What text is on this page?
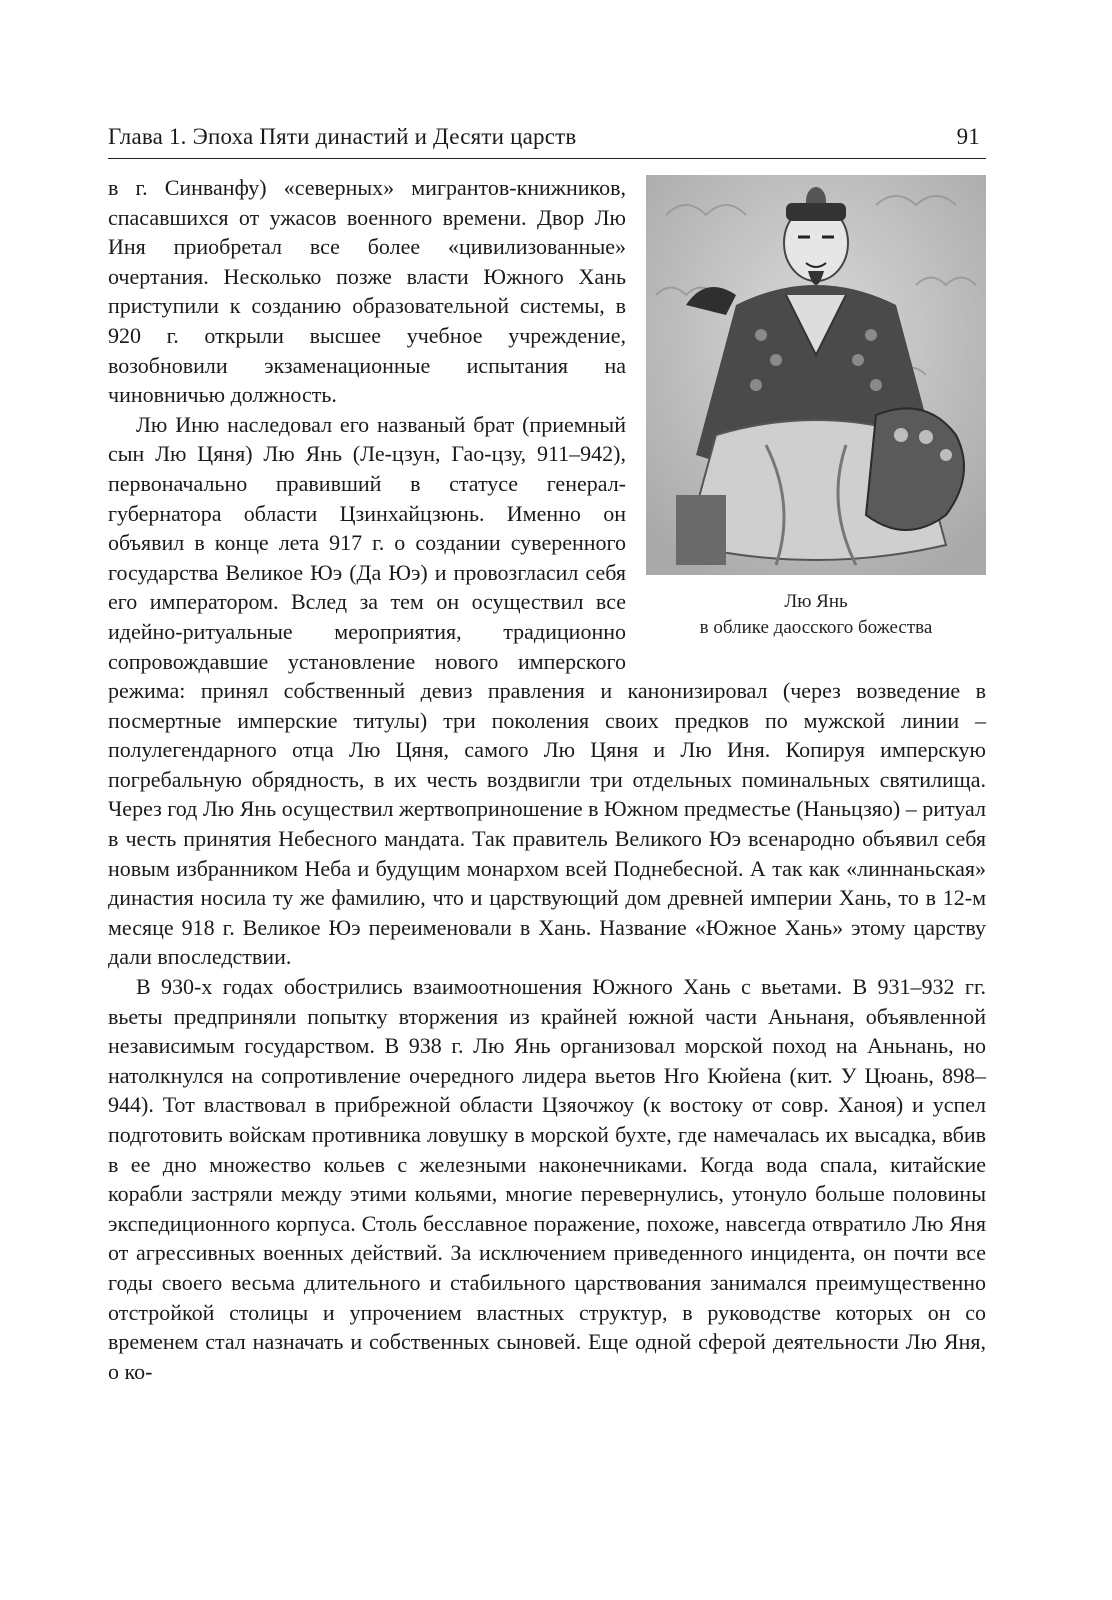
Глава 1. Эпоха Пяти династий и Десяти царств	91
Лю Янь
в облике даосского божества

в г. Синванфу) «северных» мигрантов-книжников, спасавшихся от ужасов военного времени. Двор Лю Иня приобретал все более «цивилизованные» очертания. Несколько позже власти Южного Хань приступили к созданию образовательной системы, в 920 г. открыли высшее учебное учреждение, возобновили экзаменационные испытания на чиновничью должность.

Лю Иню наследовал его названый брат (приемный сын Лю Цяня) Лю Янь (Ле-цзун, Гао-цзу, 911–942), первоначально правивший в статусе генерал-губернатора области Цзинхайцзюнь. Именно он объявил в конце лета 917 г. о создании суверенного государства Великое Юэ (Да Юэ) и провозгласил себя его императором. Вслед за тем он осуществил все идейно-ритуальные мероприятия, традиционно сопровождавшие установление нового имперского режима: принял собственный девиз правления и канонизировал (через возведение в посмертные имперские титулы) три поколения своих предков по мужской линии – полулегендарного отца Лю Цяня, самого Лю Цяня и Лю Иня. Копируя имперскую погребальную обрядность, в их честь воздвигли три отдельных поминальных святилища. Через год Лю Янь осуществил жертвоприношение в Южном предместье (Наньцзяо) – ритуал в честь принятия Небесного мандата. Так правитель Великого Юэ всенародно объявил себя новым избранником Неба и будущим монархом всей Поднебесной. А так как «линнаньская» династия носила ту же фамилию, что и царствующий дом древней империи Хань, то в 12-м месяце 918 г. Великое Юэ переименовали в Хань. Название «Южное Хань» этому царству дали впоследствии.

В 930-х годах обострились взаимоотношения Южного Хань с вьетами. В 931–932 гг. вьеты предприняли попытку вторжения из крайней южной части Аньнаня, объявленной независимым государством. В 938 г. Лю Янь организовал морской поход на Аньнань, но натолкнулся на сопротивление очередного лидера вьетов Нго Кюйена (кит. У Цюань, 898–944). Тот властвовал в прибрежной области Цзяочжоу (к востоку от совр. Ханоя) и успел подготовить войскам противника ловушку в морской бухте, где намечалась их высадка, вбив в ее дно множество кольев с железными наконечниками. Когда вода спала, китайские корабли застряли между этими кольями, многие перевернулись, утонуло больше половины экспедиционного корпуса. Столь бесславное поражение, похоже, навсегда отвратило Лю Яня от агрессивных военных действий. За исключением приведенного инцидента, он почти все годы своего весьма длительного и стабильного царствования занимался преимущественно отстройкой столицы и упрочением властных структур, в руководстве которых он со временем стал назначать и собственных сыновей. Еще одной сферой деятельности Лю Яня, о ко-
